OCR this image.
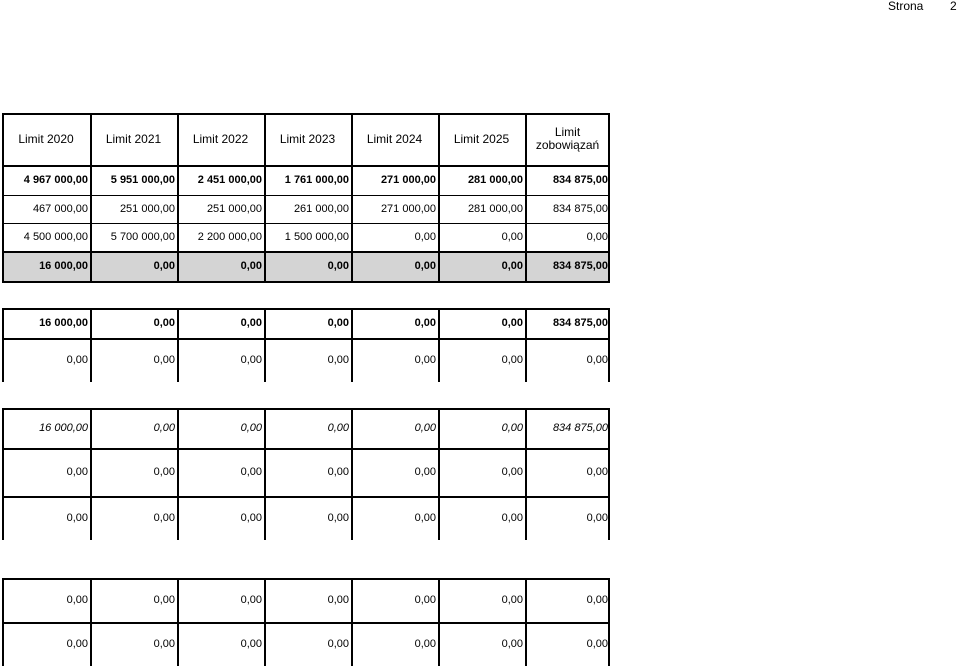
Strona 2
Limit 2020	Limit 2021	Limit 2022	Limit 2023	Limit 2024	Limit 2025	Limit
zobowiązań
4 967 000,00	5 951 000,00	2 451 000,00	1 761 000,00	271 000,00	281 000,00	834 875,00
467 000,00	251 000,00	251 000,00	261 000,00	271 000,00	281 000,00	834 875,00
4 500 000,00	5 700 000,00	2 200 000,00	1 500 000,00	0,00	0,00	0,00
16 000,00	0,00	0,00	0,00	0,00	0,00	834 875,00
16 000,00	0,00	0,00	0,00	0,00	0,00	834 875,00
0,00	0,00	0,00	0,00	0,00	0,00	0,00
16 000,00	0,00	0,00	0,00	0,00	0,00	834 875,00
0,00	0,00	0,00	0,00	0,00	0,00	0,00
0,00	0,00	0,00	0,00	0,00	0,00	0,00
0,00	0,00	0,00	0,00	0,00	0,00	0,00
0,00	0,00	0,00	0,00	0,00	0,00	0,00
